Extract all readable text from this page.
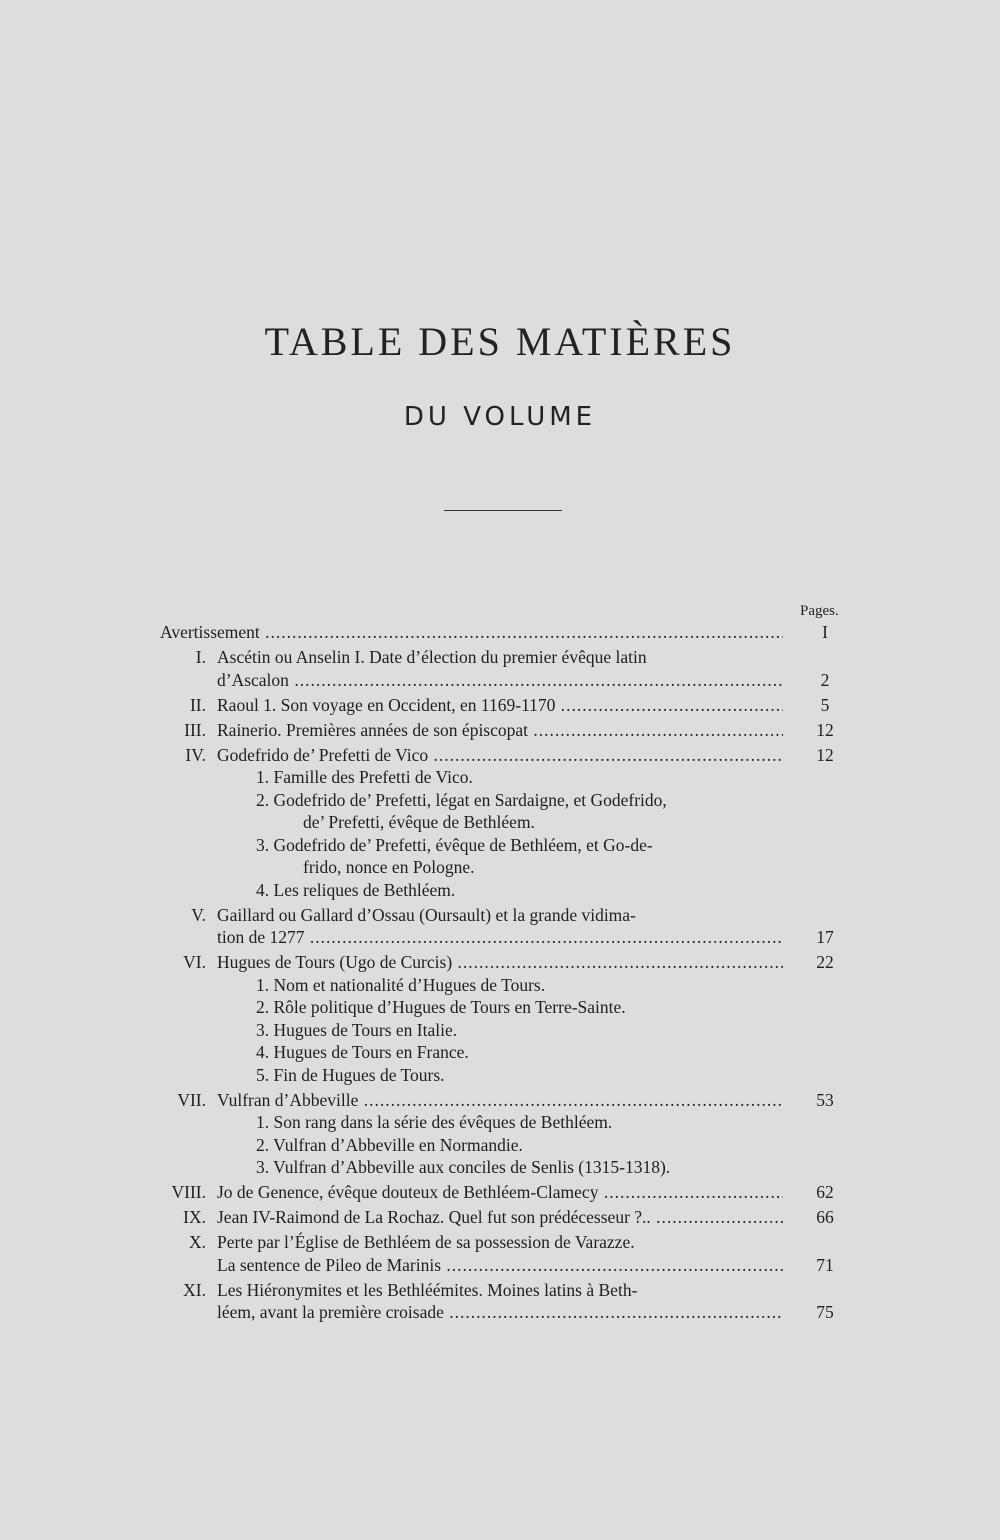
TABLE DES MATIÈRES
DU VOLUME
Pages.
Avertissement .....	I
I. Ascétin ou Anselin I. Date d’élection du premier évêque latin
d’Ascalon .....	2
II. Raoul 1. Son voyage en Occident, en 1169-1170 .....	5
III. Rainerio. Premières années de son épiscopat .....	12
IV. Godefrido de’ Prefetti de Vico .....	12
1. Famille des Prefetti de Vico.
2. Godefrido de’ Prefetti, légat en Sardaigne, et Godefrido,
de’ Prefetti, évêque de Bethléem.
3. Godefrido de’ Prefetti, évêque de Bethléem, et Go‑de-
frido, nonce en Pologne.
4. Les reliques de Bethléem.
V. Gaillard ou Gallard d’Ossau (Oursault) et la grande vidima-
tion de 1277 .....	17
VI. Hugues de Tours (Ugo de Curcis) .....	22
1. Nom et nationalité d’Hugues de Tours.
2. Rôle politique d’Hugues de Tours en Terre-Sainte.
3. Hugues de Tours en Italie.
4. Hugues de Tours en France.
5. Fin de Hugues de Tours.
VII. Vulfran d’Abbeville .....	53
1. Son rang dans la série des évêques de Bethléem.
2. Vulfran d’Abbeville en Normandie.
3. Vulfran d’Abbeville aux conciles de Senlis (1315-1318).
VIII. Jo de Genence, évêque douteux de Bethléem-Clamecy .....	62
IX. Jean IV-Raimond de La Rochaz. Quel fut son prédécesseur ?.. .....	66
X. Perte par l’Église de Bethléem de sa possession de Varazze.
La sentence de Pileo de Marinis .....	71
XI. Les Hiéronymites et les Bethléémites. Moines latins à Beth-
léem, avant la première croisade .....	75
